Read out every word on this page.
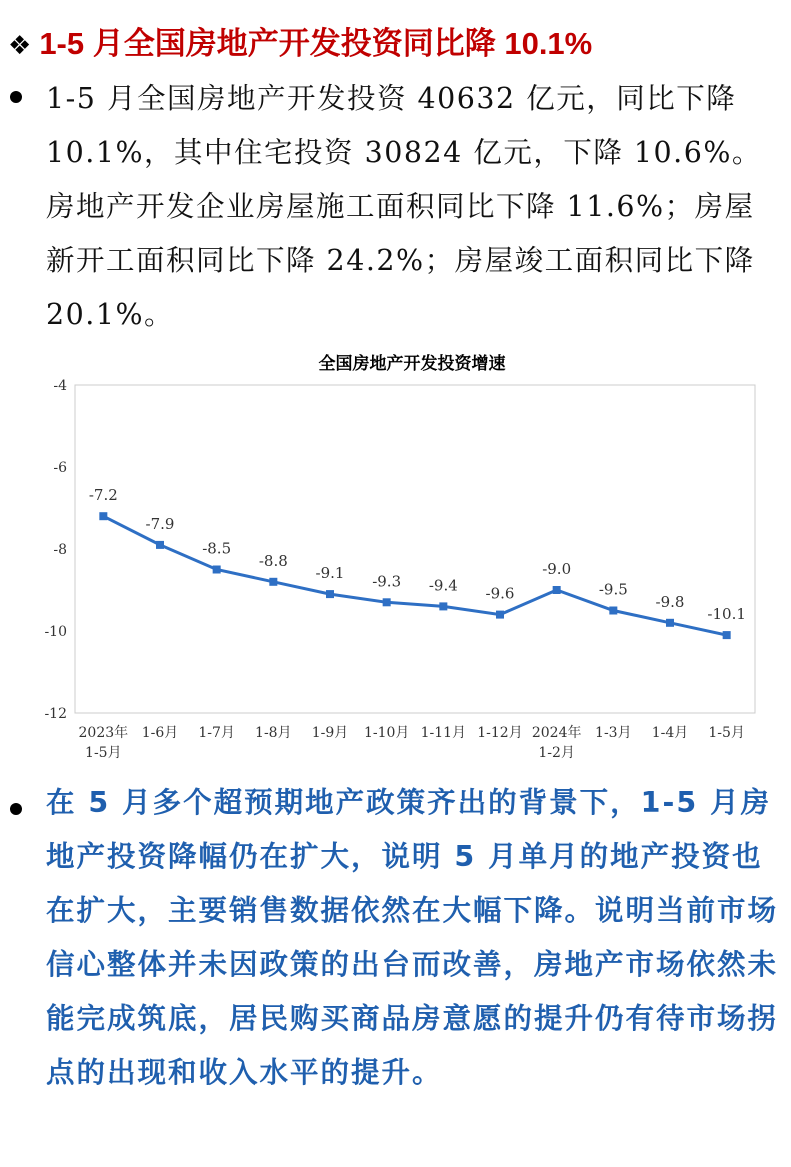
❖ 1-5 月全国房地产开发投资同比降 10.1%
1-5 月全国房地产开发投资 40632 亿元，同比下降 10.1%，其中住宅投资 30824 亿元，下降 10.6%。房地产开发企业房屋施工面积同比下降 11.6%；房屋新开工面积同比下降 24.2%；房屋竣工面积同比下降 20.1%。
全国房地产开发投资增速
-4
-6
-8
-10
-12
2023年
1-5月
1-6月 1-7月 1-8月 1-9月 1-10月 1-11月 1-12月 2024年
1-2月
1-3月 1-4月 1-5月
-7.2
-7.9
-8.5
-8.8
-9.1 -9.3 -9.4 -9.6
-9.0
-9.5
-9.8
-10.1
在 5 月多个超预期地产政策齐出的背景下，1-5 月房地产投资降幅仍在扩大，说明 5 月单月的地产投资也在扩大，主要销售数据依然在大幅下降。说明当前市场信心整体并未因政策的出台而改善，房地产市场依然未能完成筑底，居民购买商品房意愿的提升仍有待市场拐点的出现和收入水平的提升。
